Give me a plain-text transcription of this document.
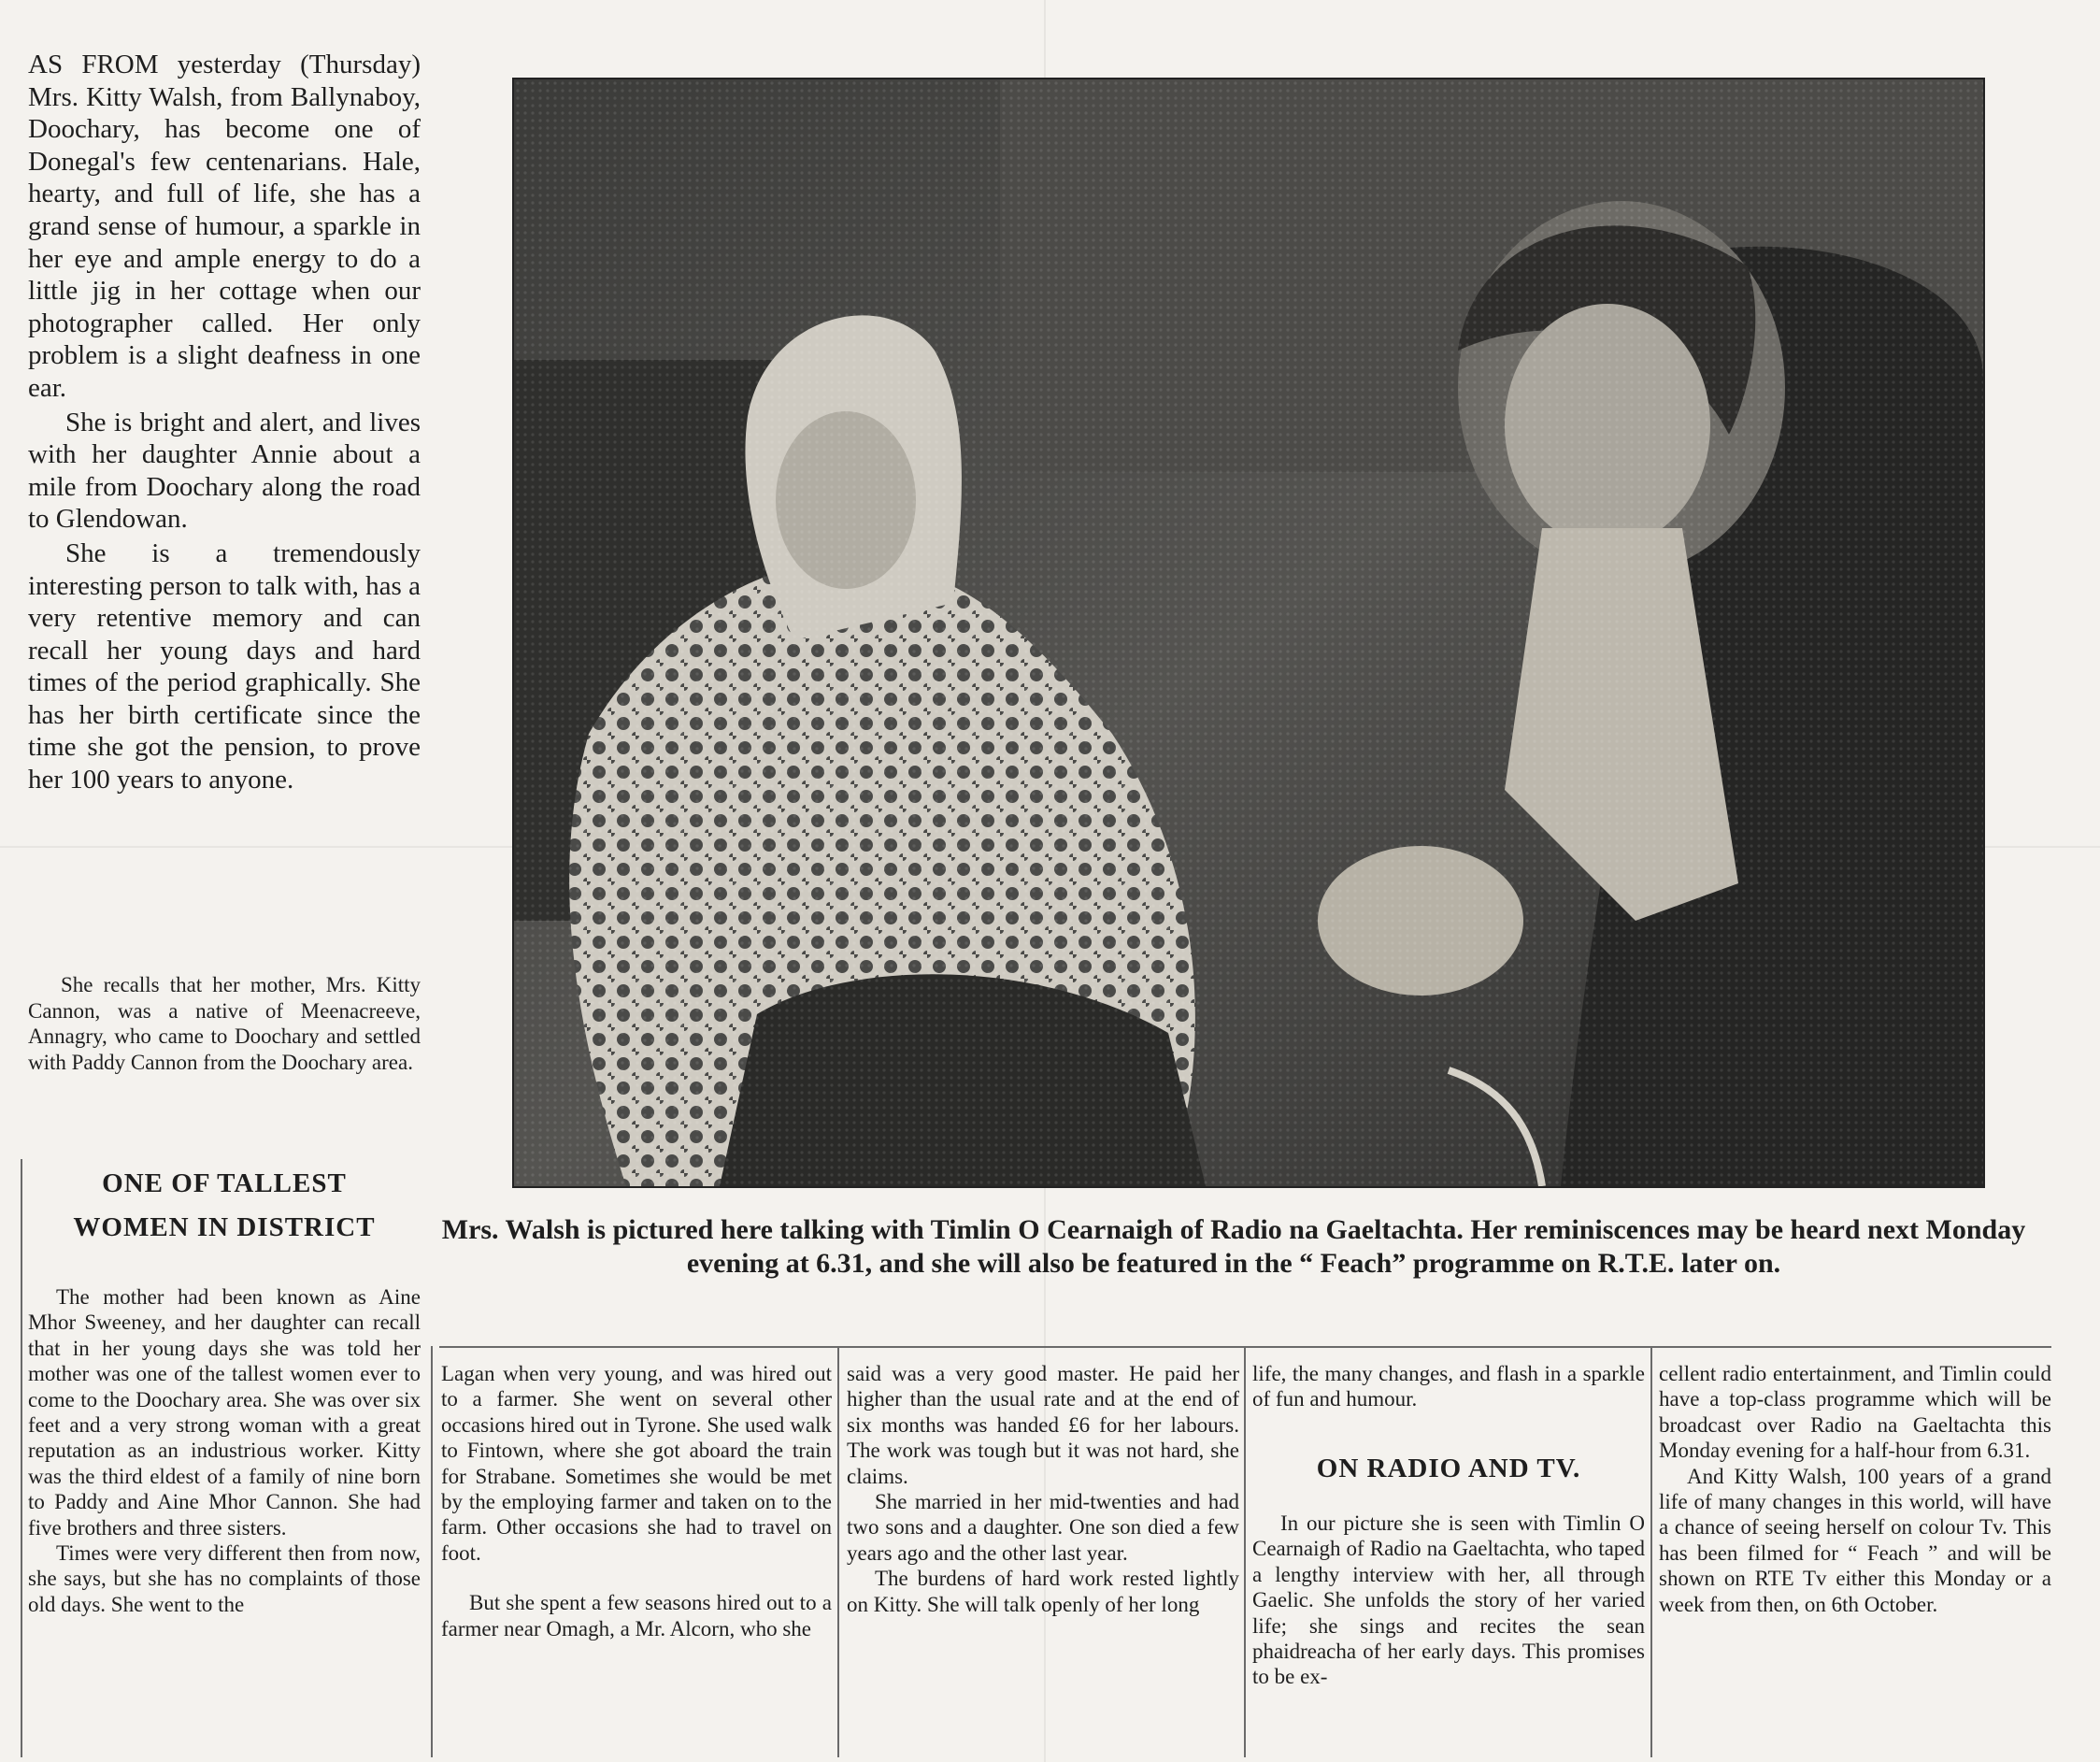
AS FROM yesterday (Thursday) Mrs. Kitty Walsh, from Ballynaboy, Doochary, has become one of Donegal's few centenarians. Hale, hearty, and full of life, she has a grand sense of humour, a sparkle in her eye and ample energy to do a little jig in her cottage when our photographer called. Her only problem is a slight deafness in one ear.

She is bright and alert, and lives with her daughter Annie about a mile from Doochary along the road to Glendowan.

She is a tremendously interesting person to talk with, has a very retentive memory and can recall her young days and hard times of the period graphically. She has her birth certificate since the time she got the pension, to prove her 100 years to anyone.

She recalls that her mother, Mrs. Kitty Cannon, was a native of Meenacreeve, Annagry, who came to Doochary and settled with Paddy Cannon from the Doochary area.
ONE OF TALLEST
WOMEN IN DISTRICT	Mrs. Walsh is pictured here talking with Timlin O Cearnaigh of Radio na Gaeltachta. Her reminiscences may be heard next Monday evening at 6.31, and she will also be featured in the “ Feach” programme on R.T.E. later on.

The mother had been known as Aine Mhor Sweeney, and her daughter can recall that in her young days she was told her mother was one of the tallest women ever to come to the Doochary area. She was over six feet and a very strong woman with a great reputation as an industrious worker. Kitty was the third eldest of a family of nine born to Paddy and Aine Mhor Cannon. She had five brothers and three sisters.

Times were very different then from now, she says, but she has no complaints of those old days. She went to the

Lagan when very young, and was hired out to a farmer. She went on several other occasions hired out in Tyrone. She used walk to Fintown, where she got aboard the train for Strabane. Sometimes she would be met by the employing farmer and taken on to the farm. Other occasions she had to travel on foot.

But she spent a few seasons hired out to a farmer near Omagh, a Mr. Alcorn, who she

said was a very good master. He paid her higher than the usual rate and at the end of six months was handed £6 for her labours. The work was tough but it was not hard, she claims.

She married in her mid-twenties and had two sons and a daughter. One son died a few years ago and the other last year.

The burdens of hard work rested lightly on Kitty. She will talk openly of her long

life, the many changes, and flash in a sparkle of fun and humour.

ON RADIO AND TV.

In our picture she is seen with Timlin O Cearnaigh of Radio na Gaeltachta, who taped a lengthy interview with her, all through Gaelic. She unfolds the story of her varied life; she sings and recites the sean phaidreacha of her early days. This promises to be ex-

cellent radio entertainment, and Timlin could have a top-class programme which will be broadcast over Radio na Gaeltachta this Monday evening for a half-hour from 6.31.

And Kitty Walsh, 100 years of a grand life of many changes in this world, will have a chance of seeing herself on colour Tv. This has been filmed for “ Feach ” and will be shown on RTE Tv either this Monday or a week from then, on 6th October.
